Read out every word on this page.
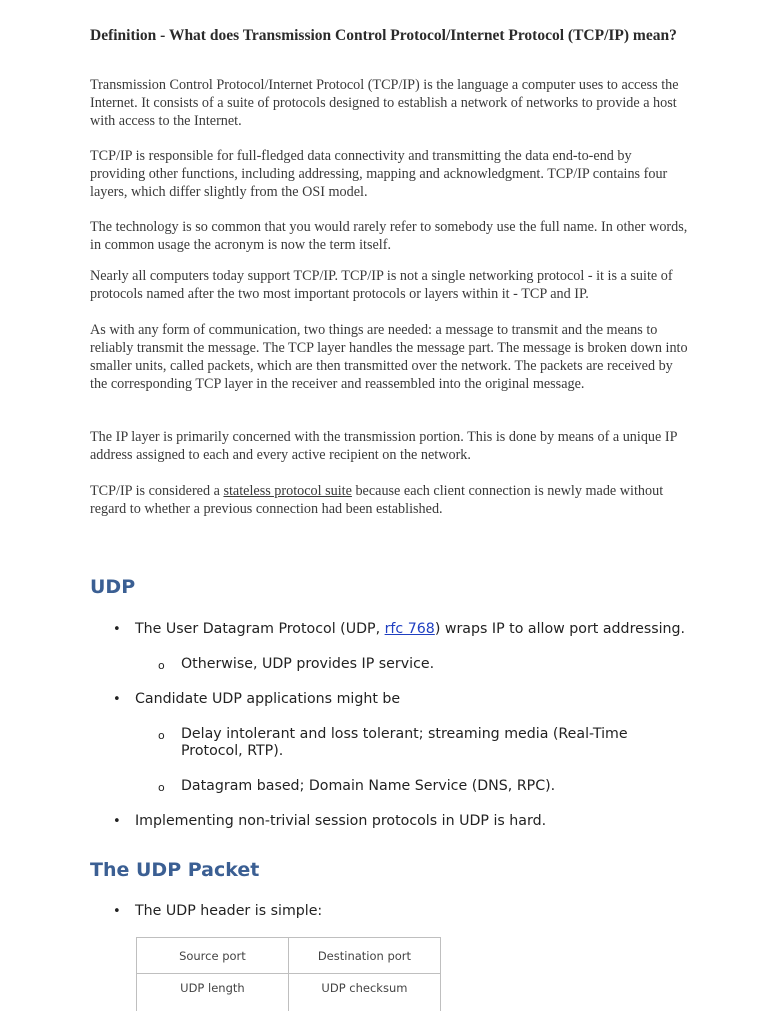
Definition - What does Transmission Control Protocol/Internet Protocol (TCP/IP) mean?
Transmission Control Protocol/Internet Protocol (TCP/IP) is the language a computer uses to access the Internet. It consists of a suite of protocols designed to establish a network of networks to provide a host with access to the Internet.
TCP/IP is responsible for full-fledged data connectivity and transmitting the data end-to-end by providing other functions, including addressing, mapping and acknowledgment. TCP/IP contains four layers, which differ slightly from the OSI model.
The technology is so common that you would rarely refer to somebody use the full name. In other words, in common usage the acronym is now the term itself.
Nearly all computers today support TCP/IP. TCP/IP is not a single networking protocol - it is a suite of protocols named after the two most important protocols or layers within it - TCP and IP.
As with any form of communication, two things are needed: a message to transmit and the means to reliably transmit the message. The TCP layer handles the message part. The message is broken down into smaller units, called packets, which are then transmitted over the network. The packets are received by the corresponding TCP layer in the receiver and reassembled into the original message.
The IP layer is primarily concerned with the transmission portion. This is done by means of a unique IP address assigned to each and every active recipient on the network.
TCP/IP is considered a stateless protocol suite because each client connection is newly made without regard to whether a previous connection had been established.
UDP
• The User Datagram Protocol (UDP, rfc 768) wraps IP to allow port addressing.
o Otherwise, UDP provides IP service.
• Candidate UDP applications might be
o Delay intolerant and loss tolerant; streaming media (Real-Time Protocol, RTP).
o Datagram based; Domain Name Service (DNS, RPC).
• Implementing non-trivial session protocols in UDP is hard.
The UDP Packet
• The UDP header is simple:
Source port	Destination port
UDP length	UDP checksum
